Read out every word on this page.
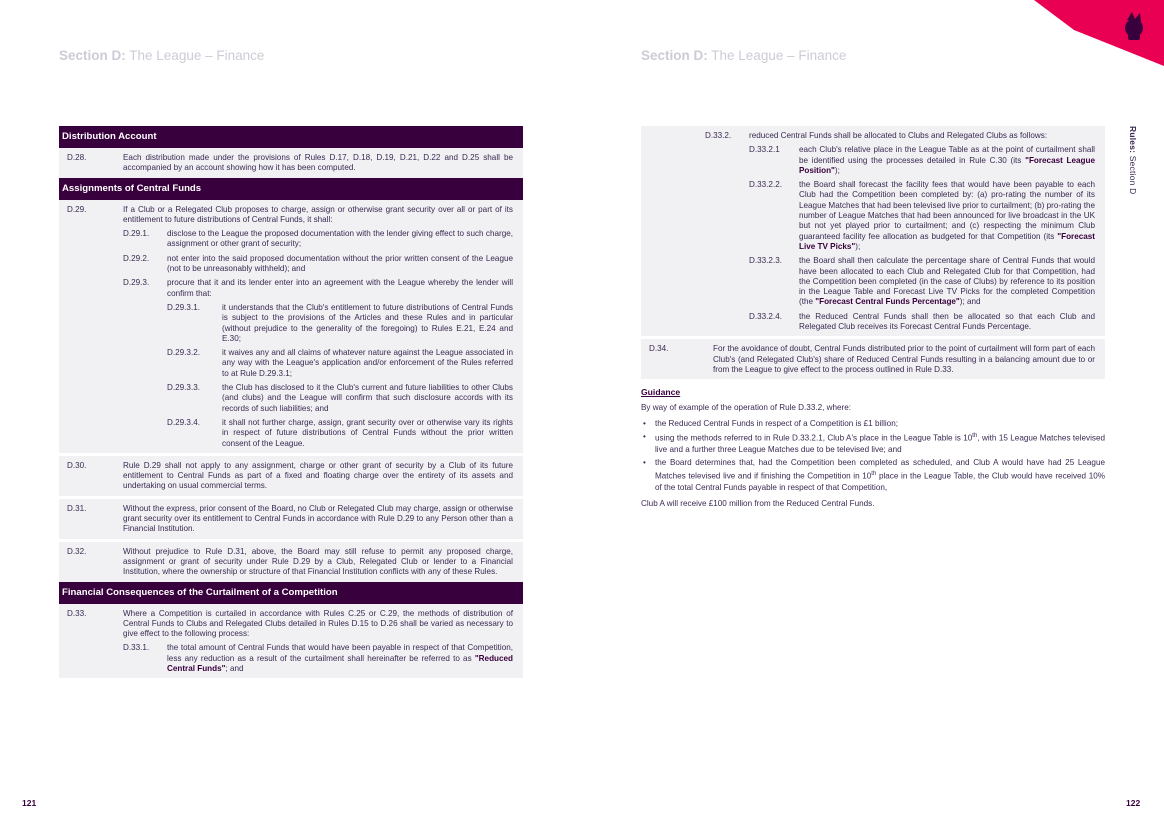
Section D: The League – Finance	Section D: The League – Finance
Rules: Section D
Distribution Account
D.28.	Each distribution made under the provisions of Rules D.17, D.18, D.19, D.21, D.22 and D.25 shall be accompanied by an account showing how it has been computed.
Assignments of Central Funds
D.29.	If a Club or a Relegated Club proposes to charge, assign or otherwise grant security over all or part of its entitlement to future distributions of Central Funds, it shall:
D.29.1.	disclose to the League the proposed documentation with the lender giving effect to such charge, assignment or other grant of security;
D.29.2.	not enter into the said proposed documentation without the prior written consent of the League (not to be unreasonably withheld); and
D.29.3.	procure that it and its lender enter into an agreement with the League whereby the lender will confirm that:
D.29.3.1.	it understands that the Club's entitlement to future distributions of Central Funds is subject to the provisions of the Articles and these Rules and in particular (without prejudice to the generality of the foregoing) to Rules E.21, E.24 and E.30;
D.29.3.2.	it waives any and all claims of whatever nature against the League associated in any way with the League's application and/or enforcement of the Rules referred to at Rule D.29.3.1;
D.29.3.3.	the Club has disclosed to it the Club's current and future liabilities to other Clubs (and clubs) and the League will confirm that such disclosure accords with its records of such liabilities; and
D.29.3.4.	it shall not further charge, assign, grant security over or otherwise vary its rights in respect of future distributions of Central Funds without the prior written consent of the League.
D.30.	Rule D.29 shall not apply to any assignment, charge or other grant of security by a Club of its future entitlement to Central Funds as part of a fixed and floating charge over the entirety of its assets and undertaking on usual commercial terms.
D.31.	Without the express, prior consent of the Board, no Club or Relegated Club may charge, assign or otherwise grant security over its entitlement to Central Funds in accordance with Rule D.29 to any Person other than a Financial Institution.
D.32.	Without prejudice to Rule D.31, above, the Board may still refuse to permit any proposed charge, assignment or grant of security under Rule D.29 by a Club, Relegated Club or lender to a Financial Institution, where the ownership or structure of that Financial Institution conflicts with any of these Rules.
Financial Consequences of the Curtailment of a Competition
D.33.	Where a Competition is curtailed in accordance with Rules C.25 or C.29, the methods of distribution of Central Funds to Clubs and Relegated Clubs detailed in Rules D.15 to D.26 shall be varied as necessary to give effect to the following process:
D.33.1.	the total amount of Central Funds that would have been payable in respect of that Competition, less any reduction as a result of the curtailment shall hereinafter be referred to as "Reduced Central Funds"; and
D.33.2.	reduced Central Funds shall be allocated to Clubs and Relegated Clubs as follows:
D.33.2.1	each Club's relative place in the League Table as at the point of curtailment shall be identified using the processes detailed in Rule C.30 (its "Forecast League Position");
D.33.2.2.	the Board shall forecast the facility fees that would have been payable to each Club had the Competition been completed by: (a) pro-rating the number of its League Matches that had been televised live prior to curtailment; (b) pro-rating the number of League Matches that had been announced for live broadcast in the UK but not yet played prior to curtailment; and (c) respecting the minimum Club guaranteed facility fee allocation as budgeted for that Competition (its "Forecast Live TV Picks");
D.33.2.3.	the Board shall then calculate the percentage share of Central Funds that would have been allocated to each Club and Relegated Club for that Competition, had the Competition been completed (in the case of Clubs) by reference to its position in the League Table and Forecast Live TV Picks for the completed Competition (the "Forecast Central Funds Percentage"); and
D.33.2.4.	the Reduced Central Funds shall then be allocated so that each Club and Relegated Club receives its Forecast Central Funds Percentage.
D.34.	For the avoidance of doubt, Central Funds distributed prior to the point of curtailment will form part of each Club's (and Relegated Club's) share of Reduced Central Funds resulting in a balancing amount due to or from the League to give effect to the process outlined in Rule D.33.
Guidance
By way of example of the operation of Rule D.33.2, where:
• the Reduced Central Funds in respect of a Competition is £1 billion;
• using the methods referred to in Rule D.33.2.1, Club A's place in the League Table is 10th, with 15 League Matches televised live and a further three League Matches due to be televised live; and
• the Board determines that, had the Competition been completed as scheduled, and Club A would have had 25 League Matches televised live and if finishing the Competition in 10th place in the League Table, the Club would have received 10% of the total Central Funds payable in respect of that Competition,
Club A will receive £100 million from the Reduced Central Funds.
121	122
